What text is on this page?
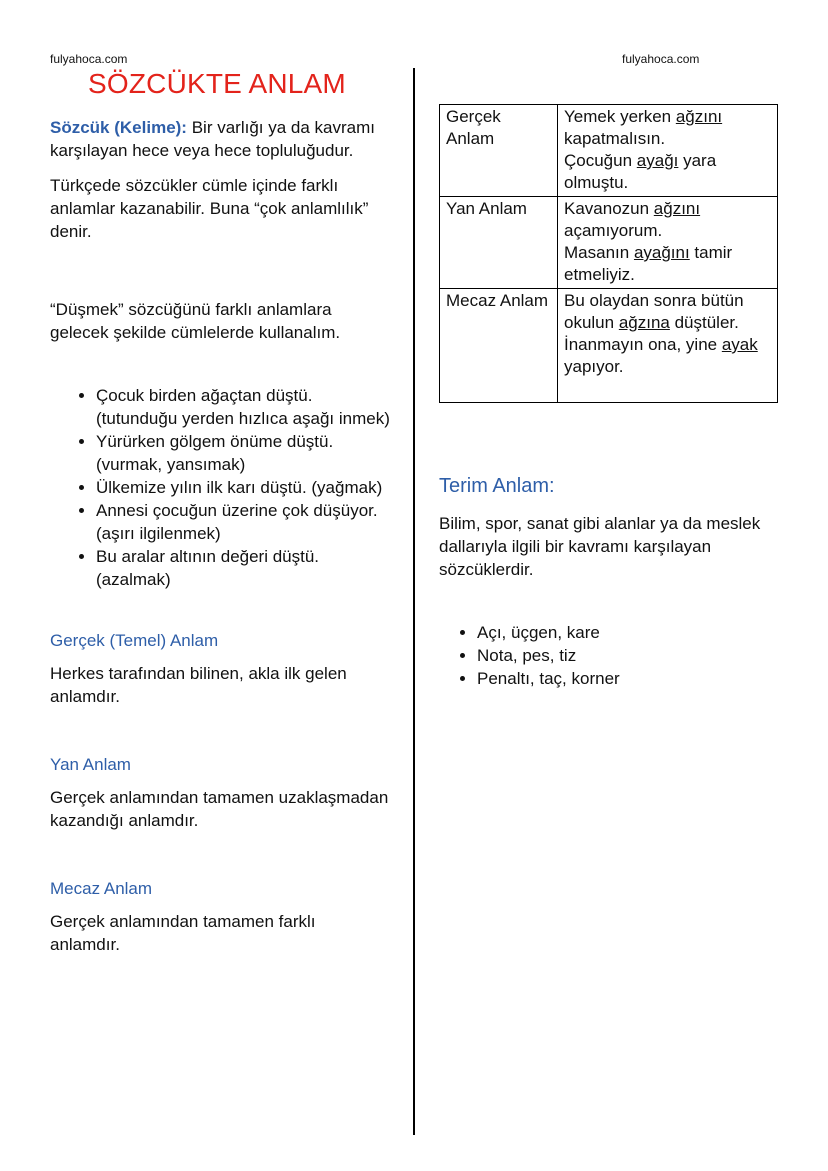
fulyahoca.com	fulyahoca.com
SÖZCÜKTE ANLAM

Sözcük (Kelime): Bir varlığı ya da kavramı karşılayan hece veya hece topluluğudur.

Türkçede sözcükler cümle içinde farklı anlamlar kazanabilir. Buna “çok anlamlılık” denir.

“Düşmek” sözcüğünü farklı anlamlara gelecek şekilde cümlelerde kullanalım.

• Çocuk birden ağaçtan düştü. (tutunduğu yerden hızlıca aşağı inmek)
• Yürürken gölgem önüme düştü. (vurmak, yansımak)
• Ülkemize yılın ilk karı düştü. (yağmak)
• Annesi çocuğun üzerine çok düşüyor. (aşırı ilgilenmek)
• Bu aralar altının değeri düştü. (azalmak)
Gerçek (Temel) Anlam

Herkes tarafından bilinen, akla ilk gelen anlamdır.

Yan Anlam

Gerçek anlamından tamamen uzaklaşmadan kazandığı anlamdır.

Mecaz Anlam

Gerçek anlamından tamamen farklı anlamdır.

Gerçek Anlam	Yemek yerken ağzını kapatmalısın.
Çocuğun ayağı yara olmuştu.
Yan Anlam	Kavanozun ağzını açamıyorum.
Masanın ayağını tamir etmeliyiz.
Mecaz Anlam	Bu olaydan sonra bütün okulun ağzına düştüler.
İnanmayın ona, yine ayak yapıyor.
Terim Anlam:

Bilim, spor, sanat gibi alanlar ya da meslek dallarıyla ilgili bir kavramı karşılayan sözcüklerdir.

• Açı, üçgen, kare
• Nota, pes, tiz
• Penaltı, taç, korner
